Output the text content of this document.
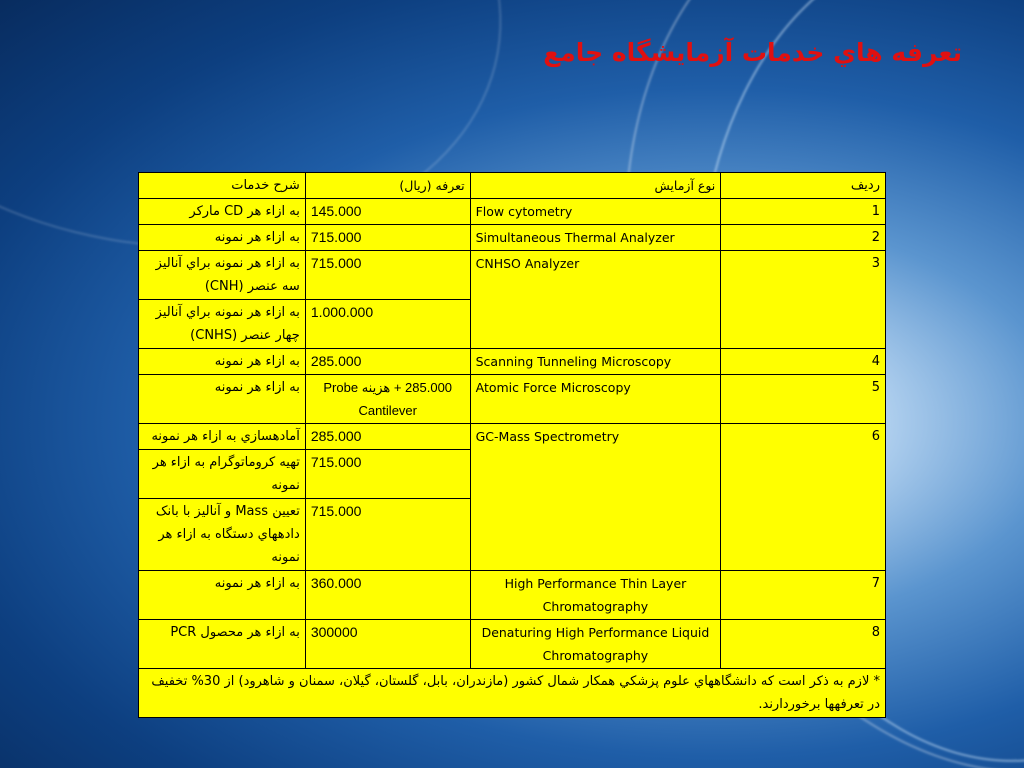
تعرفه هاي خدمات آزمايشگاه جامع
رديف	نوع آزمايش	تعرفه (ريال)	شرح خدمات
1	Flow cytometry	145.000	به ازاء هر CD ماركر
2	Simultaneous Thermal Analyzer	715.000	به ازاء هر نمونه
3	CNHSO Analyzer	715.000	به ازاء هر نمونه براي آناليز سه عنصر (CNH)
		1.000.000	به ازاء هر نمونه براي آناليز چهار عنصر (CNHS)
4	Scanning Tunneling Microscopy	285.000	به ازاء هر نمونه
5	Atomic Force Microscopy	285.000 + هزينه Probe Cantilever	به ازاء هر نمونه
6	GC-Mass Spectrometry	285.000	آمادهسازي به ازاء هر نمونه
		715.000	تهيه كروماتوگرام به ازاء هر نمونه
		715.000	تعيين Mass و آناليز با بانک دادههاي دستگاه به ازاء هر نمونه
7	High Performance Thin Layer Chromatography	360.000	به ازاء هر نمونه
8	Denaturing High Performance Liquid Chromatography	300000	به ازاء هر محصول PCR
* لازم به ذكر است كه دانشگاههاي علوم پزشكي همكار شمال كشور (مازندران، بابل، گلستان، گيلان، سمنان و شاهرود) از 30% تخفيف در تعرفهها برخوردارند.			
